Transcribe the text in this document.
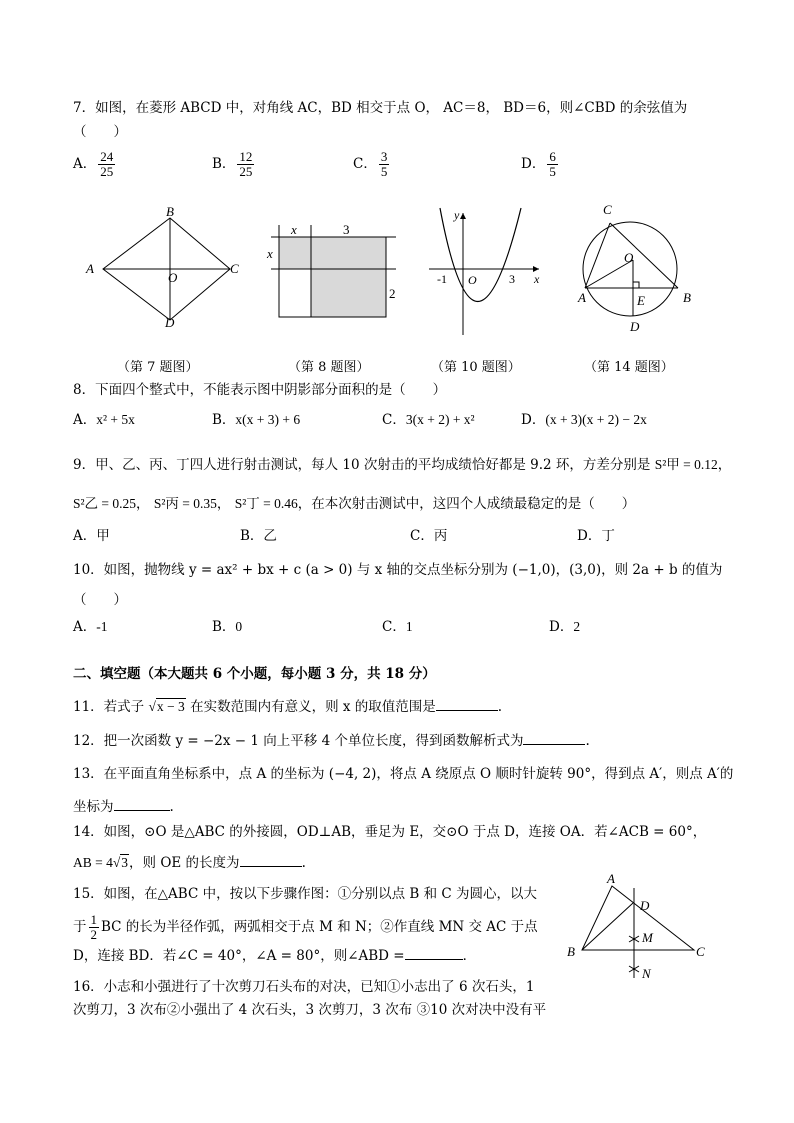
7．如图，在菱形 ABCD 中，对角线 AC，BD 相交于点 O， AC＝8， BD＝6，则∠CBD 的余弦值为
（　　）
A． $\frac{24}{25}$	B． $\frac{12}{25}$	C． $\frac{3}{5}$	D． $\frac{6}{5}$
B
A
O
C
D
x	3
x
2
y
-1 O	3 x
C
O
A	E	B
D
（第 7 题图）	（第 8 题图）	（第 10 题图）	（第 14 题图）
8．下面四个整式中，不能表示图中阴影部分面积的是（　　）
A．x² + 5x	B．x(x + 3) + 6	C．3(x + 2) + x²	D．(x + 3)(x + 2) − 2x
9．甲、乙、丙、丁四人进行射击测试，每人 10 次射击的平均成绩恰好都是 9.2 环，方差分别是 S²甲 = 0.12，
S²乙 = 0.25， S²丙 = 0.35， S²丁 = 0.46，在本次射击测试中，这四个人成绩最稳定的是（　　）
A．甲	B．乙	C．丙	D．丁
10．如图，抛物线 y = ax² + bx + c (a > 0) 与 x 轴的交点坐标分别为 (−1,0)，(3,0)，则 2a + b 的值为
（　　）
A．-1	B．0	C．1	D．2
二、填空题（本大题共 6 个小题，每小题 3 分，共 18 分）
11．若式子 √x − 3 在实数范围内有意义，则 x 的取值范围是	.
12．把一次函数 y = −2x − 1 向上平移 4 个单位长度，得到函数解析式为	.
13．在平面直角坐标系中，点 A 的坐标为 (−4, 2)，将点 A 绕原点 O 顺时针旋转 90°，得到点 A′，则点 A′的
坐标为	.
14．如图，⊙O 是△ABC 的外接圆，OD⊥AB，垂足为 E，交⊙O 于点 D，连接 OA．若∠ACB = 60°，
AB = 4√3，则 OE 的长度为	.
15．如图，在△ABC 中，按以下步骤作图：①分别以点 B 和 C 为圆心，以大
于 $\frac{1}{2}$ BC 的长为半径作弧，两弧相交于点 M 和 N；②作直线 MN 交 AC 于点
D，连接 BD．若∠C = 40°，∠A = 80°，则∠ABD =	．
A
D
M
B	C
N
16．小志和小强进行了十次剪刀石头布的对决，已知①小志出了 6 次石头，1
次剪刀，3 次布②小强出了 4 次石头，3 次剪刀，3 次布 ③10 次对决中没有平
